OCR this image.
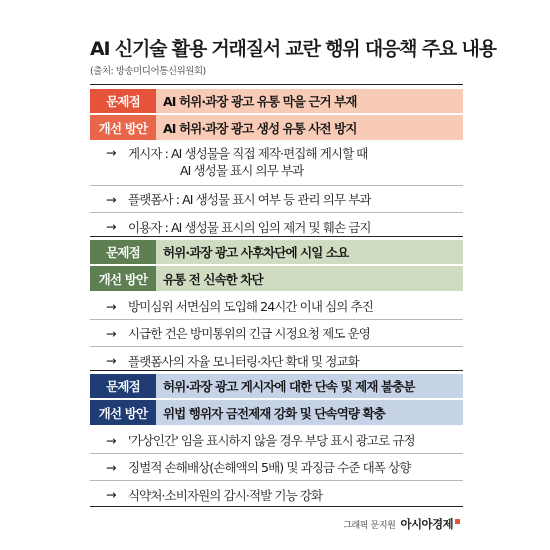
AI 신기술 활용 거래질서 교란 행위 대응책 주요 내용
(출처: 방송미디어통신위원회)
문제점	AI 허위·과장 광고 유통 막을 근거 부재
개선 방안	AI 허위·과장 광고 생성 유통 사전 방지
→ 게시자 : AI 생성물을 직접 제작·편집해 게시할 때
AI 생성물 표시 의무 부과
→ 플랫폼사 : AI 생성물 표시 여부 등 관리 의무 부과
→ 이용자 : AI 생성물 표시의 임의 제거 및 훼손 금지
문제점	허위·과장 광고 사후차단에 시일 소요
개선 방안	유통 전 신속한 차단
→ 방미심위 서면심의 도입해 24시간 이내 심의 추진
→ 시급한 건은 방미통위의 긴급 시정요청 제도 운영
→ 플랫폼사의 자율 모니터링·차단 확대 및 정교화
문제점	허위·과장 광고 게시자에 대한 단속 및 제재 불충분
개선 방안	위법 행위자 금전제재 강화 및 단속역량 확충
→ '가상인간' 임을 표시하지 않을 경우 부당 표시 광고로 규정
→ 징벌적 손해배상(손해액의 5배) 및 과징금 수준 대폭 상향
→ 식약처·소비자원의 감시·적발 기능 강화
그래픽 문지원 아시아경제
